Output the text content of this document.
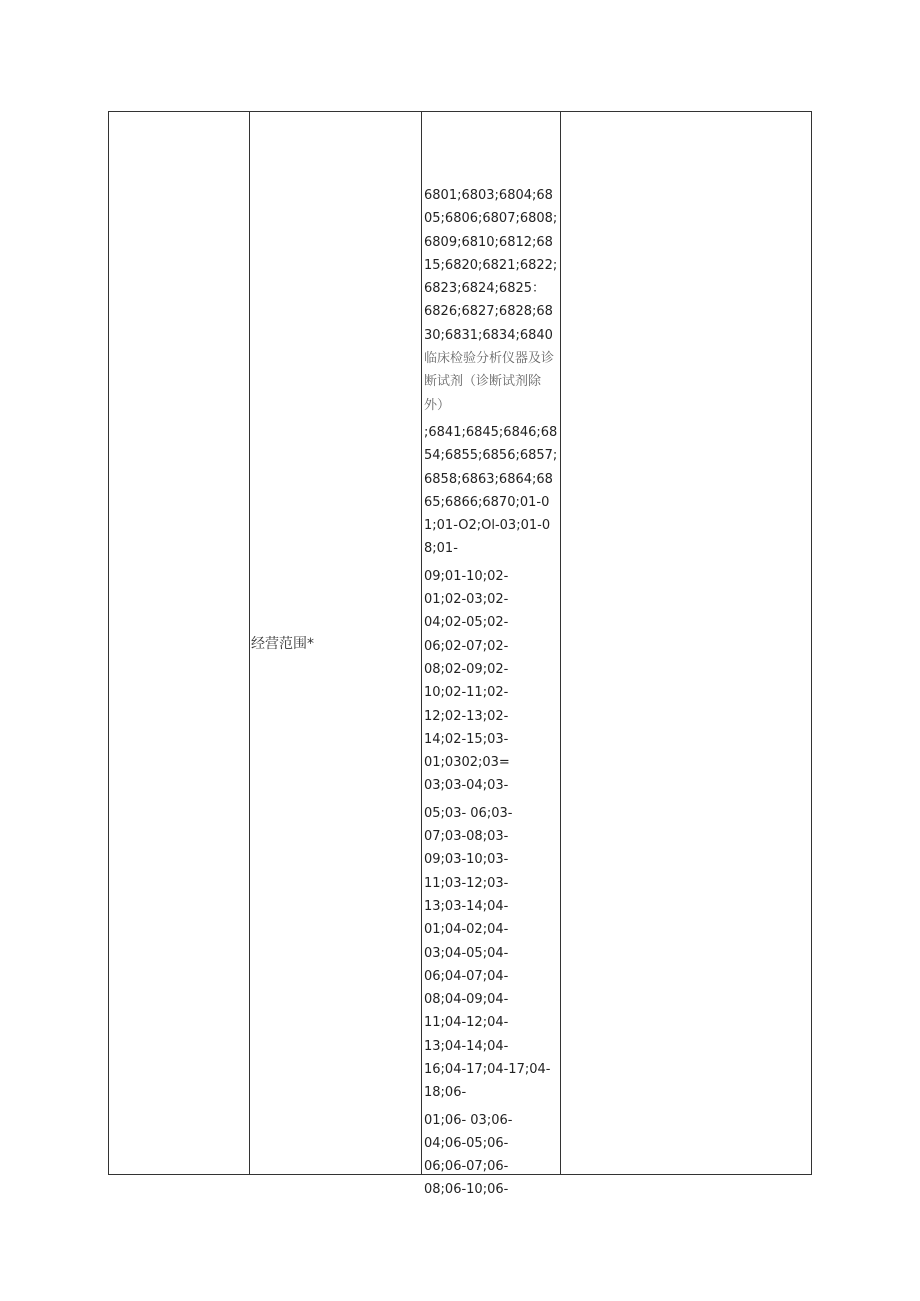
经营范围*

6801;6803;6804;6805;6806;6807;6808;6809;6810;6812;6815;6820;6821;6822;6823;6824;6825：
6826;6827;6828;6830;6831;6834;6840 临床检验分析仪器及诊断试剂（诊断试剂除外）

;6841;6845;6846;6854;6855;6856;6857;6858;6863;6864;6865;6866;6870;01-01;01-O2;Ol-03;01-08;01-

09;01-10;02-
01;02-03;02-
04;02-05;02-
06;02-07;02-
08;02-09;02-
10;02-11;02-
12;02-13;02-
14;02-15;03-
01;0302;03=
03;03-04;03-

05;03- 06;03-
07;03-08;03-
09;03-10;03-
11;03-12;03-
13;03-14;04-
01;04-02;04-
03;04-05;04-
06;04-07;04-
08;04-09;04-
11;04-12;04-
13;04-14;04-
16;04-17;04-17;04-
18;06-

01;06- 03;06-
04;06-05;06-
06;06-07;06-
08;06-10;06-
